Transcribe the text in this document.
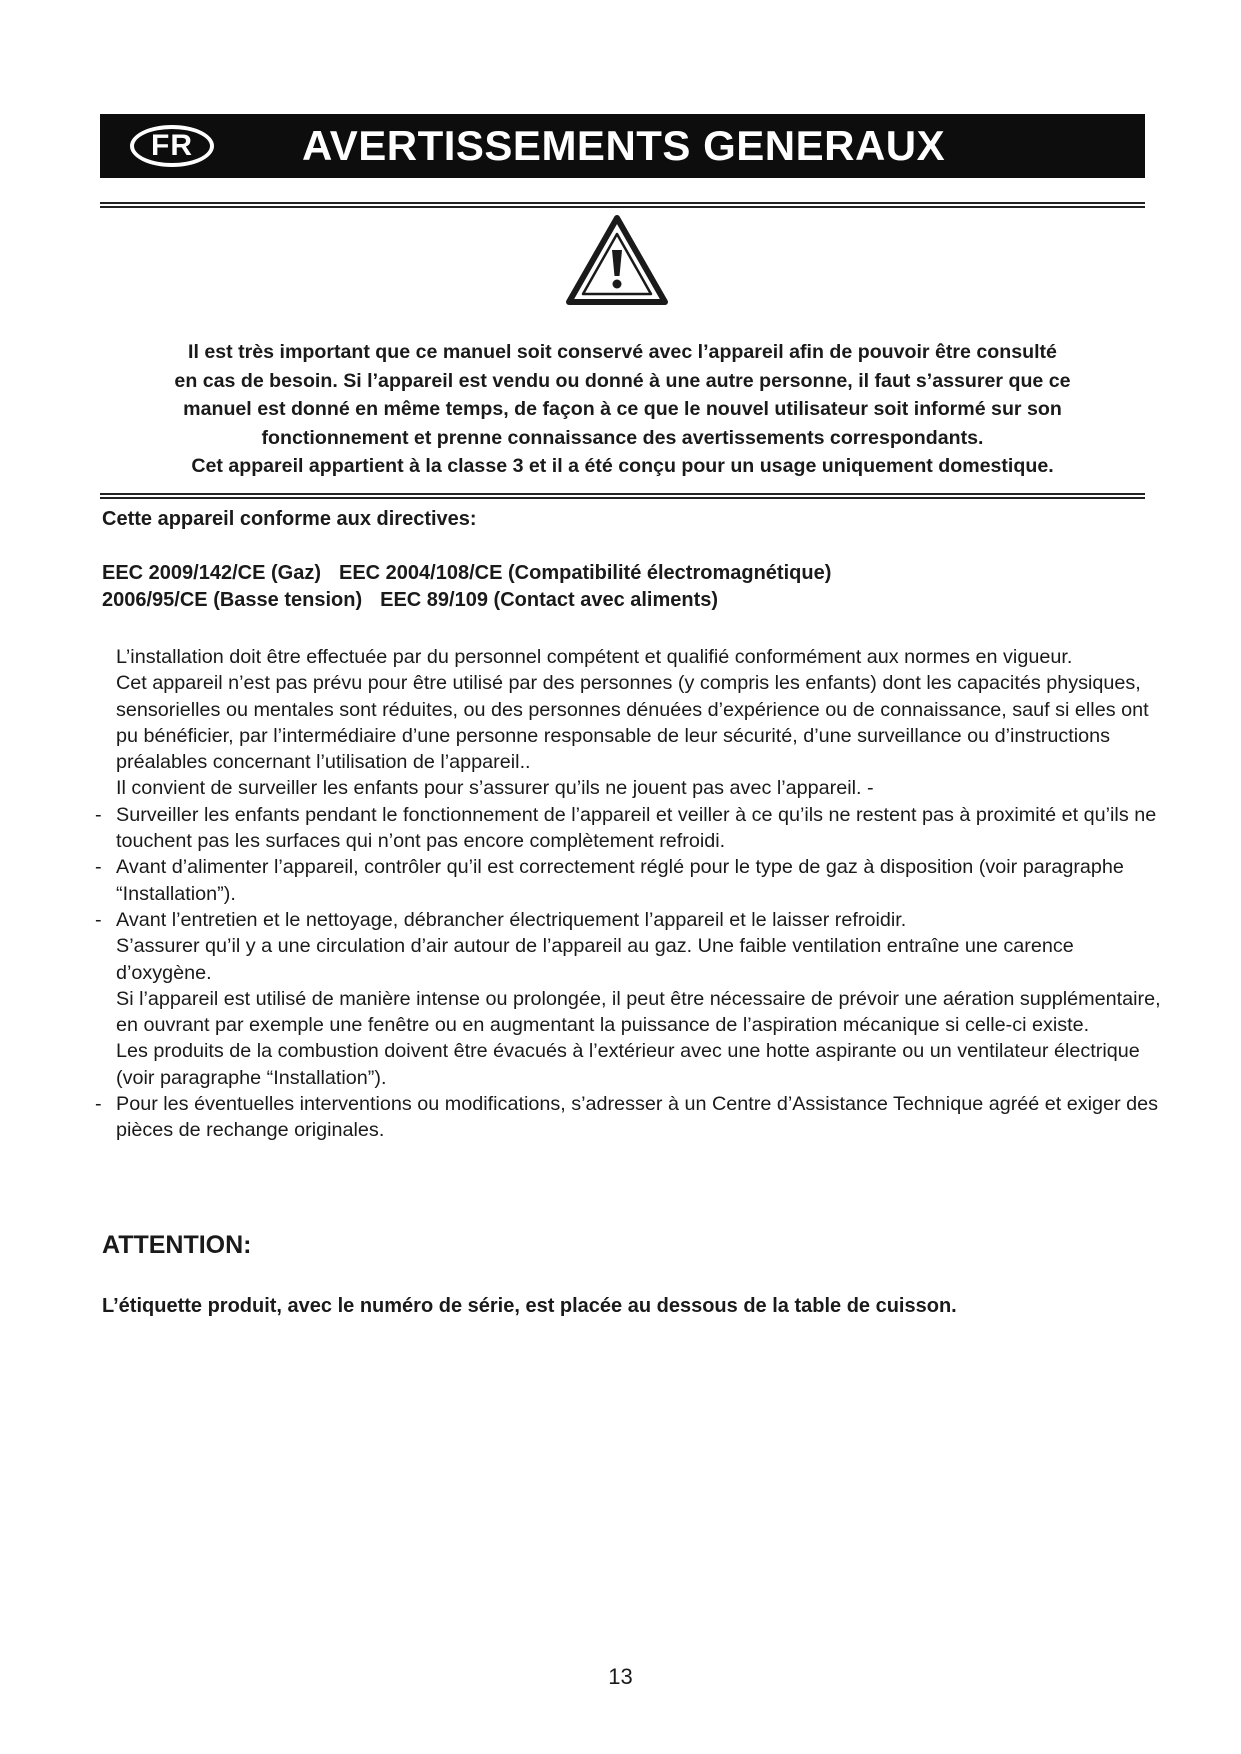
FR	AVERTISSEMENTS GENERAUX
Il est très important que ce manuel soit conservé avec l’appareil afin de pouvoir être consulté
en cas de besoin. Si l’appareil est vendu ou donné à une autre personne, il faut s’assurer que ce
manuel est donné en même temps, de façon à ce que le nouvel utilisateur soit informé sur son
fonctionnement et prenne connaissance des avertissements correspondants.
Cet appareil appartient à la classe 3 et il a été conçu pour un usage uniquement domestique.
Cette appareil conforme aux directives:
EEC 2009/142/CE (Gaz) EEC 2004/108/CE (Compatibilité électromagnétique)
2006/95/CE (Basse tension) EEC 89/109 (Contact avec aliments)
L’installation doit être effectuée par du personnel compétent et qualifié conformément aux normes en vigueur.
Cet appareil n’est pas prévu pour être utilisé par des personnes (y compris les enfants) dont les capacités physiques, sensorielles ou mentales sont réduites, ou des personnes dénuées d’expérience ou de connaissance, sauf si elles ont pu bénéficier, par l’intermédiaire d’une personne responsable de leur sécurité, d’une surveillance ou d’instructions préalables concernant l’utilisation de l’appareil..
Il convient de surveiller les enfants pour s’assurer qu’ils ne jouent pas avec l’appareil. -
- Surveiller les enfants pendant le fonctionnement de l’appareil et veiller à ce qu’ils ne restent pas à proximité et qu’ils ne touchent pas les surfaces qui n’ont pas encore complètement refroidi.
- Avant d’alimenter l’appareil, contrôler qu’il est correctement réglé pour le type de gaz à disposition (voir paragraphe “Installation”).
- Avant l’entretien et le nettoyage, débrancher électriquement l’appareil et le laisser refroidir.
S’assurer qu’il y a une circulation d’air autour de l’appareil au gaz. Une faible ventilation entraîne une carence d’oxygène.
Si l’appareil est utilisé de manière intense ou prolongée, il peut être nécessaire de prévoir une aération supplémentaire, en ouvrant par exemple une fenêtre ou en augmentant la puissance de l’aspiration mécanique si celle-ci existe.
Les produits de la combustion doivent être évacués à l’extérieur avec une hotte aspirante ou un ventilateur électrique (voir paragraphe “Installation”).
- Pour les éventuelles interventions ou modifications, s’adresser à un Centre d’Assistance Technique agréé et exiger des pièces de rechange originales.
ATTENTION:
L’étiquette produit, avec le numéro de série, est placée au dessous de la table de cuisson.
13
